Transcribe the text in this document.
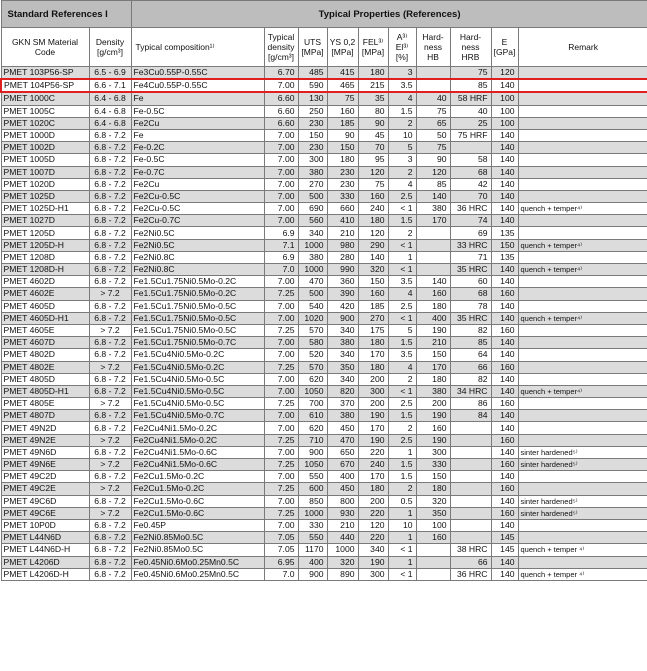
Standard References I		Typical Properties (References)									
GKN SM Material Code	Density [g/cm³]	Typical composition¹⁾	Typical density [g/cm³]	UTS [MPa]	YS 0,2 [MPa]	FEL³⁾ [MPa]	A³⁾ El³⁾ [%]	Hard-ness HB	Hard-ness HRB	E [GPa]	Remark
PMET 103P56-SP	6.5 - 6.9	Fe3Cu0.55P-0.55C	6.70	485	415	180	3		75	120	
PMET 104P56-SP	6.6 - 7.1	Fe4Cu0.55P-0.55C	7.00	590	465	215	3.5		85	140	
PMET 1000C	6.4 - 6.8	Fe	6.60	130	75	35	4	40	58 HRF	100	
PMET 1005C	6.4 - 6.8	Fe-0.5C	6.60	250	160	80	1.5	75	40	100	
PMET 1020C	6.4 - 6.8	Fe2Cu	6.60	230	185	90	2	65	25	100	
PMET 1000D	6.8 - 7.2	Fe	7.00	150	90	45	10	50	75 HRF	140	
PMET 1002D	6.8 - 7.2	Fe-0.2C	7.00	230	150	70	5	75		140	
PMET 1005D	6.8 - 7.2	Fe-0.5C	7.00	300	180	95	3	90	58	140	
PMET 1007D	6.8 - 7.2	Fe-0.7C	7.00	380	230	120	2	120	68	140	
PMET 1020D	6.8 - 7.2	Fe2Cu	7.00	270	230	75	4	85	42	140	
PMET 1025D	6.8 - 7.2	Fe2Cu-0.5C	7.00	500	330	160	2.5	140	70	140	
PMET 1025D-H1	6.8 - 7.2	Fe2Cu-0.5C	7.00	690	660	240	< 1	380	36 HRC	140	quench + temper⁴⁾
PMET 1027D	6.8 - 7.2	Fe2Cu-0.7C	7.00	560	410	180	1.5	170	74	140	
PMET 1205D	6.8 - 7.2	Fe2Ni0.5C	6.9	340	210	120	2		69	135	
PMET 1205D-H	6.8 - 7.2	Fe2Ni0.5C	7.1	1000	980	290	< 1		33 HRC	150	quench + temper⁴⁾
PMET 1208D	6.8 - 7.2	Fe2Ni0.8C	6.9	380	280	140	1		71	135	
PMET 1208D-H	6.8 - 7.2	Fe2Ni0.8C	7.0	1000	990	320	< 1		35 HRC	140	quench + temper⁴⁾
PMET 4602D	6.8 - 7.2	Fe1.5Cu1.75Ni0.5Mo-0.2C	7.00	470	360	150	3.5	140	60	140	
PMET 4602E	> 7.2	Fe1.5Cu1.75Ni0.5Mo-0.2C	7.25	500	390	160	4	160	68	160	
PMET 4605D	6.8 - 7.2	Fe1.5Cu1.75Ni0.5Mo-0.5C	7.00	540	420	185	2.5	180	78	140	
PMET 4605D-H1	6.8 - 7.2	Fe1.5Cu1.75Ni0.5Mo-0.5C	7.00	1020	900	270	< 1	400	35 HRC	140	quench + temper⁴⁾
PMET 4605E	> 7.2	Fe1.5Cu1.75Ni0.5Mo-0.5C	7.25	570	340	175	5	190	82	160	
PMET 4607D	6.8 - 7.2	Fe1.5Cu1.75Ni0.5Mo-0.7C	7.00	580	380	180	1.5	210	85	140	
PMET 4802D	6.8 - 7.2	Fe1.5Cu4Ni0.5Mo-0.2C	7.00	520	340	170	3.5	150	64	140	
PMET 4802E	> 7.2	Fe1.5Cu4Ni0.5Mo-0.2C	7.25	570	350	180	4	170	66	160	
PMET 4805D	6.8 - 7.2	Fe1.5Cu4Ni0.5Mo-0.5C	7.00	620	340	200	2	180	82	140	
PMET 4805D-H1	6.8 - 7.2	Fe1.5Cu4Ni0.5Mo-0.5C	7.00	1050	820	300	< 1	380	34 HRC	140	quench + temper⁴⁾
PMET 4805E	> 7.2	Fe1.5Cu4Ni0.5Mo-0.5C	7.25	700	370	200	2.5	200	86	160	
PMET 4807D	6.8 - 7.2	Fe1.5Cu4Ni0.5Mo-0.7C	7.00	610	380	190	1.5	190	84	140	
PMET 49N2D	6.8 - 7.2	Fe2Cu4Ni1.5Mo-0.2C	7.00	620	450	170	2	160		140	
PMET 49N2E	> 7.2	Fe2Cu4Ni1.5Mo-0.2C	7.25	710	470	190	2.5	190		160	
PMET 49N6D	6.8 - 7.2	Fe2Cu4Ni1.5Mo-0.6C	7.00	900	650	220	1	300		140	sinter hardened⁵⁾
PMET 49N6E	> 7.2	Fe2Cu4Ni1.5Mo-0.6C	7.25	1050	670	240	1.5	330		160	sinter hardened⁵⁾
PMET 49C2D	6.8 - 7.2	Fe2Cu1.5Mo-0.2C	7.00	550	400	170	1.5	150		140	
PMET 49C2E	> 7.2	Fe2Cu1.5Mo-0.2C	7.25	600	450	180	2	180		160	
PMET 49C6D	6.8 - 7.2	Fe2Cu1.5Mo-0.6C	7.00	850	800	200	0.5	320		140	sinter hardened⁵⁾
PMET 49C6E	> 7.2	Fe2Cu1.5Mo-0.6C	7.25	1000	930	220	1	350		160	sinter hardened⁵⁾
PMET 10P0D	6.8 - 7.2	Fe0.45P	7.00	330	210	120	10	100		140	
PMET L44N6D	6.8 - 7.2	Fe2Ni0.85Mo0.5C	7.05	550	440	220	1	160		145	
PMET L44N6D-H	6.8 - 7.2	Fe2Ni0.85Mo0.5C	7.05	1170	1000	340	< 1		38 HRC	145	quench + temper ⁴⁾
PMET L4206D	6.8 - 7.2	Fe0.45Ni0.6Mo0.25Mn0.5C	6.95	400	320	190	1		66	140	
PMET L4206D-H	6.8 - 7.2	Fe0.45Ni0.6Mo0.25Mn0.5C	7.0	900	890	300	< 1		36 HRC	140	quench + temper ⁴⁾
